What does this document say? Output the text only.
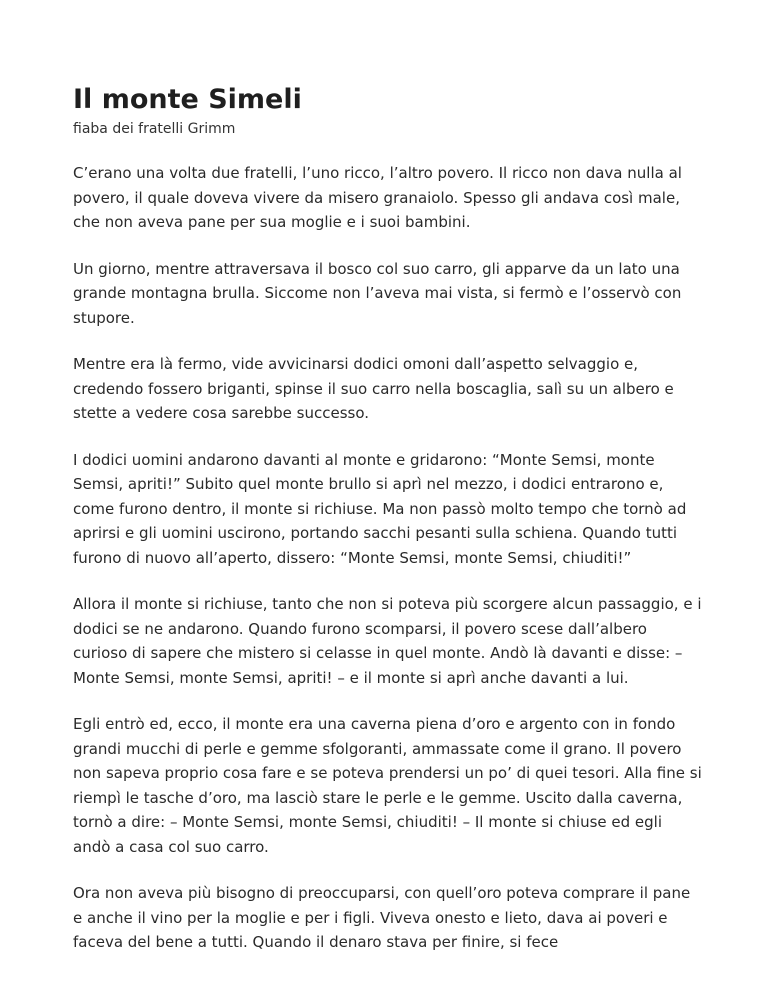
Il monte Simeli

fiaba dei fratelli Grimm

C’erano una volta due fratelli, l’uno ricco, l’altro povero. Il ricco non dava nulla al povero, il quale doveva vivere da misero granaiolo. Spesso gli andava così male, che non aveva pane per sua moglie e i suoi bambini.

Un giorno, mentre attraversava il bosco col suo carro, gli apparve da un lato una grande montagna brulla. Siccome non l’aveva mai vista, si fermò e l’osservò con stupore.

Mentre era là fermo, vide avvicinarsi dodici omoni dall’aspetto selvaggio e, credendo fossero briganti, spinse il suo carro nella boscaglia, salì su un albero e stette a vedere cosa sarebbe successo.

I dodici uomini andarono davanti al monte e gridarono: “Monte Semsi, monte Semsi, apriti!” Subito quel monte brullo si aprì nel mezzo, i dodici entrarono e, come furono dentro, il monte si richiuse. Ma non passò molto tempo che tornò ad aprirsi e gli uomini uscirono, portando sacchi pesanti sulla schiena. Quando tutti furono di nuovo all’aperto, dissero: “Monte Semsi, monte Semsi, chiuditi!”

Allora il monte si richiuse, tanto che non si poteva più scorgere alcun passaggio, e i dodici se ne andarono. Quando furono scomparsi, il povero scese dall’albero curioso di sapere che mistero si celasse in quel monte. Andò là davanti e disse: – Monte Semsi, monte Semsi, apriti! – e il monte si aprì anche davanti a lui.

Egli entrò ed, ecco, il monte era una caverna piena d’oro e argento con in fondo grandi mucchi di perle e gemme sfolgoranti, ammassate come il grano. Il povero non sapeva proprio cosa fare e se poteva prendersi un po’ di quei tesori. Alla fine si riempì le tasche d’oro, ma lasciò stare le perle e le gemme. Uscito dalla caverna, tornò a dire: – Monte Semsi, monte Semsi, chiuditi! – Il monte si chiuse ed egli andò a casa col suo carro.

Ora non aveva più bisogno di preoccuparsi, con quell’oro poteva comprare il pane e anche il vino per la moglie e per i figli. Viveva onesto e lieto, dava ai poveri e faceva del bene a tutti. Quando il denaro stava per finire, si fece
